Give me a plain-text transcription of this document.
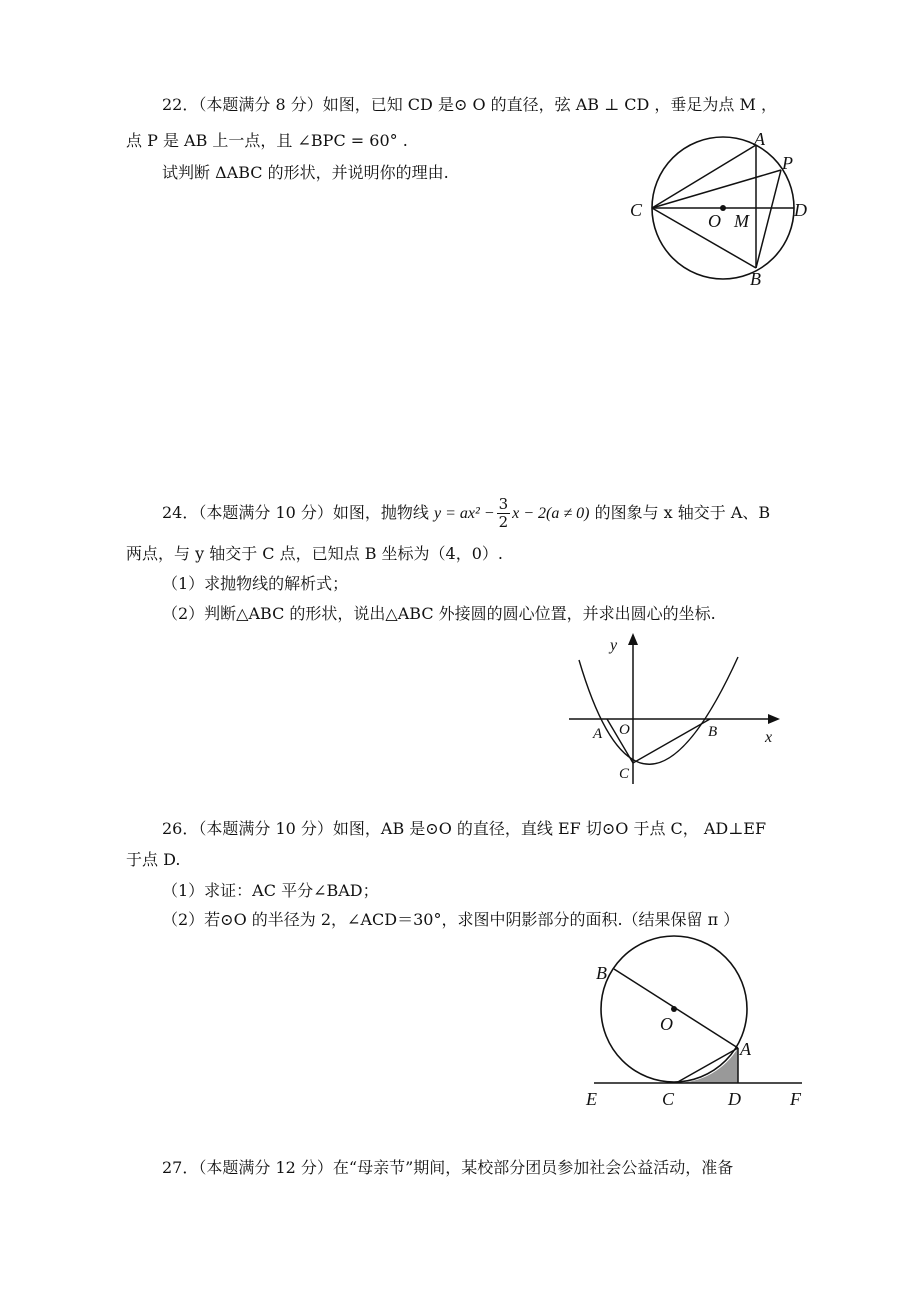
22．（本题满分 8 分）如图，已知 CD 是⊙ O 的直径，弦 AB ⊥ CD ，垂足为点 M ，
点 P 是 AB 上一点，且 ∠BPC = 60° .
试判断 ΔABC 的形状，并说明你的理由.
A
P
C
O M
D
B
24．（本题满分 10 分）如图，抛物线 $y = ax^2 - \frac{3}{2}$ x − 2(a ≠ 0) 的图象与 x 轴交于 A、B
两点，与 y 轴交于 C 点，已知点 B 坐标为（4，0）.
（1）求抛物线的解析式；
（2）判断△ABC 的形状，说出△ABC 外接圆的圆心位置，并求出圆心的坐标.
y
x
O
A	B
C
26．（本题满分 10 分）如图，AB 是⊙O 的直径，直线 EF 切⊙O 于点 C， AD⊥EF
于点 D.
（1）求证：AC 平分∠BAD；
（2）若⊙O 的半径为 2，∠ACD＝30°，求图中阴影部分的面积.（结果保留 π ）
B
O
A
E	C	D	F
27．（本题满分 12 分）在“母亲节”期间，某校部分团员参加社会公益活动，准备
